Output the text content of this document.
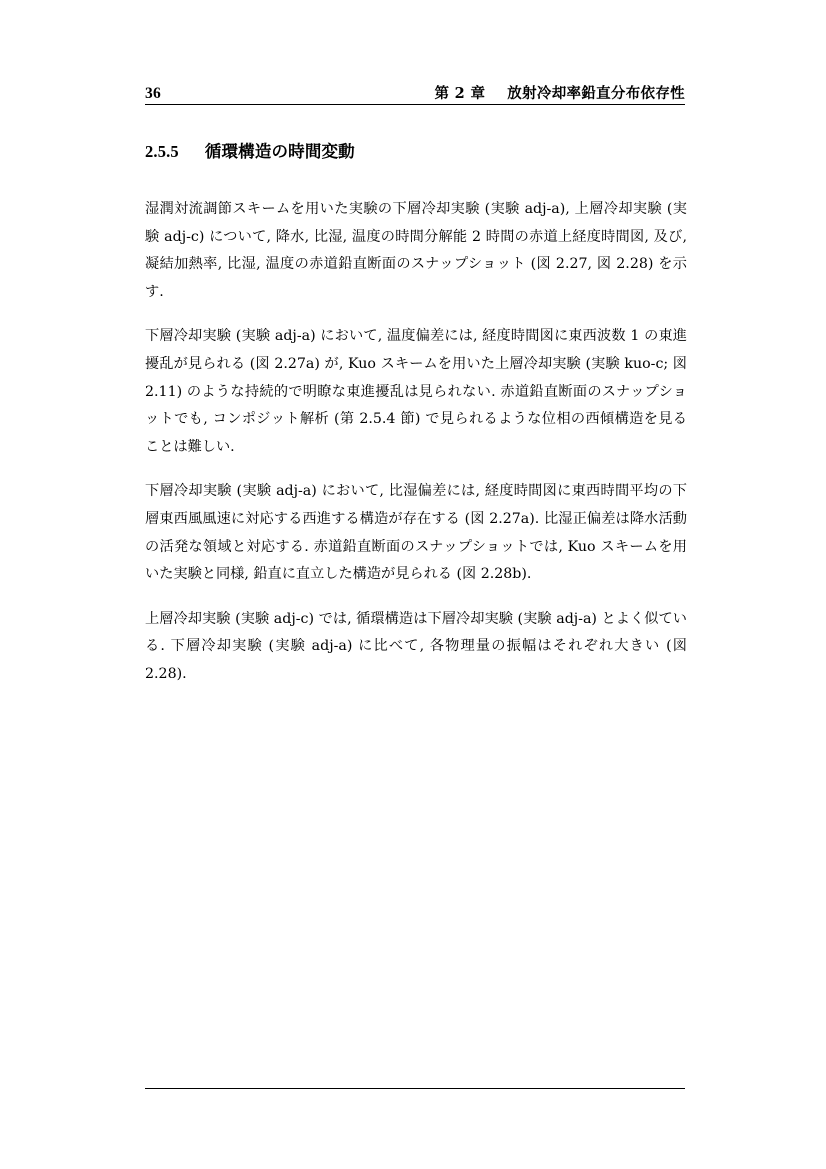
36	第 2 章 放射冷却率鉛直分布依存性
2.5.5 循環構造の時間変動

湿潤対流調節スキームを用いた実験の下層冷却実験 (実験 adj-a), 上層冷却実験 (実験 adj-c) について, 降水, 比湿, 温度の時間分解能 2 時間の赤道上経度時間図, 及び, 凝結加熱率, 比湿, 温度の赤道鉛直断面のスナップショット (図 2.27, 図 2.28) を示す.

下層冷却実験 (実験 adj-a) において, 温度偏差には, 経度時間図に東西波数 1 の東進擾乱が見られる (図 2.27a) が, Kuo スキームを用いた上層冷却実験 (実験 kuo-c; 図 2.11) のような持続的で明瞭な東進擾乱は見られない. 赤道鉛直断面のスナップショットでも, コンポジット解析 (第 2.5.4 節) で見られるような位相の西傾構造を見ることは難しい.

下層冷却実験 (実験 adj-a) において, 比湿偏差には, 経度時間図に東西時間平均の下層東西風風速に対応する西進する構造が存在する (図 2.27a). 比湿正偏差は降水活動の活発な領域と対応する. 赤道鉛直断面のスナップショットでは, Kuo スキームを用いた実験と同様, 鉛直に直立した構造が見られる (図 2.28b).

上層冷却実験 (実験 adj-c) では, 循環構造は下層冷却実験 (実験 adj-a) とよく似ている. 下層冷却実験 (実験 adj-a) に比べて, 各物理量の振幅はそれぞれ大きい (図 2.28).
